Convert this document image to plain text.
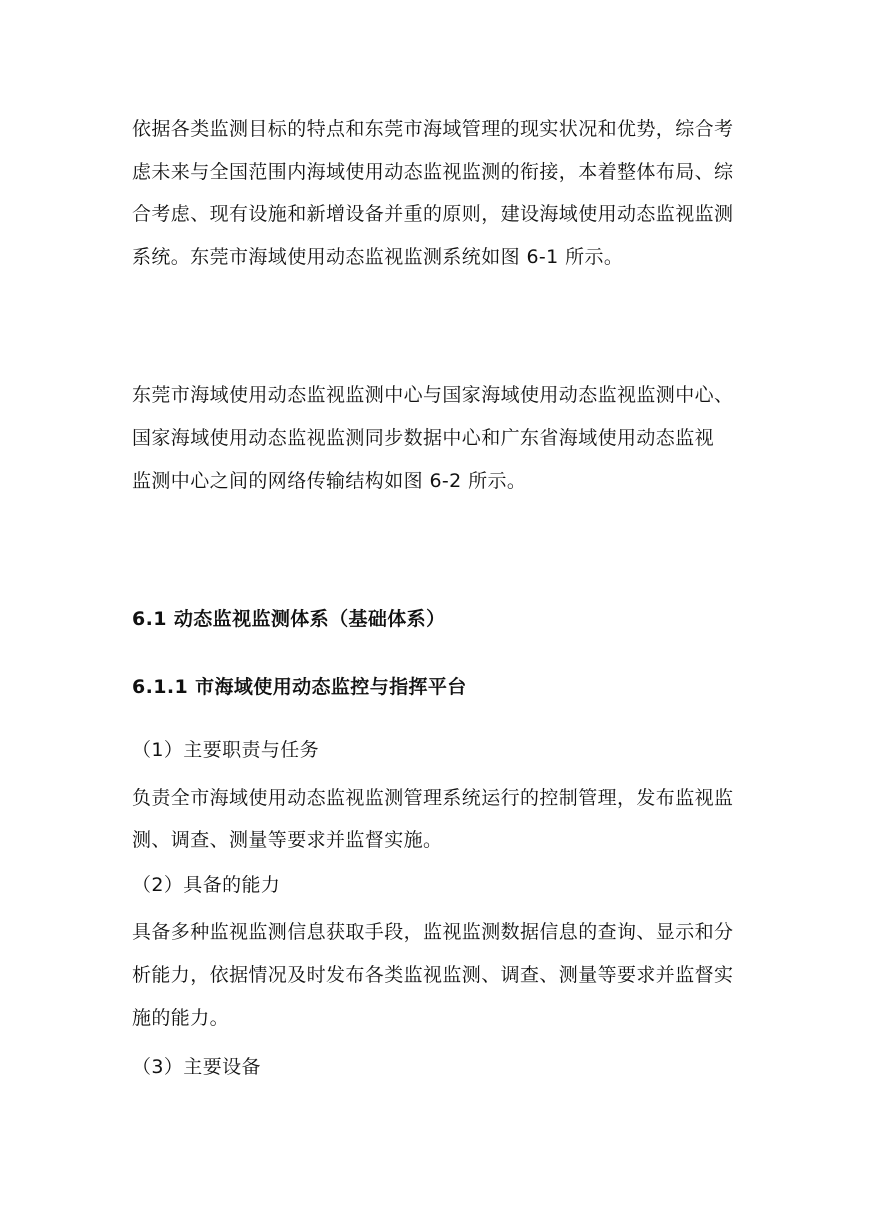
依据各类监测目标的特点和东莞市海域管理的现实状况和优势，综合考
虑未来与全国范围内海域使用动态监视监测的衔接，本着整体布局、综
合考虑、现有设施和新增设备并重的原则，建设海域使用动态监视监测
系统。东莞市海域使用动态监视监测系统如图 6-1 所示。
东莞市海域使用动态监视监测中心与国家海域使用动态监视监测中心、
国家海域使用动态监视监测同步数据中心和广东省海域使用动态监视
监测中心之间的网络传输结构如图 6-2 所示。
6.1 动态监视监测体系（基础体系）
6.1.1 市海域使用动态监控与指挥平台
（1）主要职责与任务
负责全市海域使用动态监视监测管理系统运行的控制管理，发布监视监
测、调查、测量等要求并监督实施。
（2）具备的能力
具备多种监视监测信息获取手段，监视监测数据信息的查询、显示和分
析能力，依据情况及时发布各类监视监测、调查、测量等要求并监督实
施的能力。
（3）主要设备
